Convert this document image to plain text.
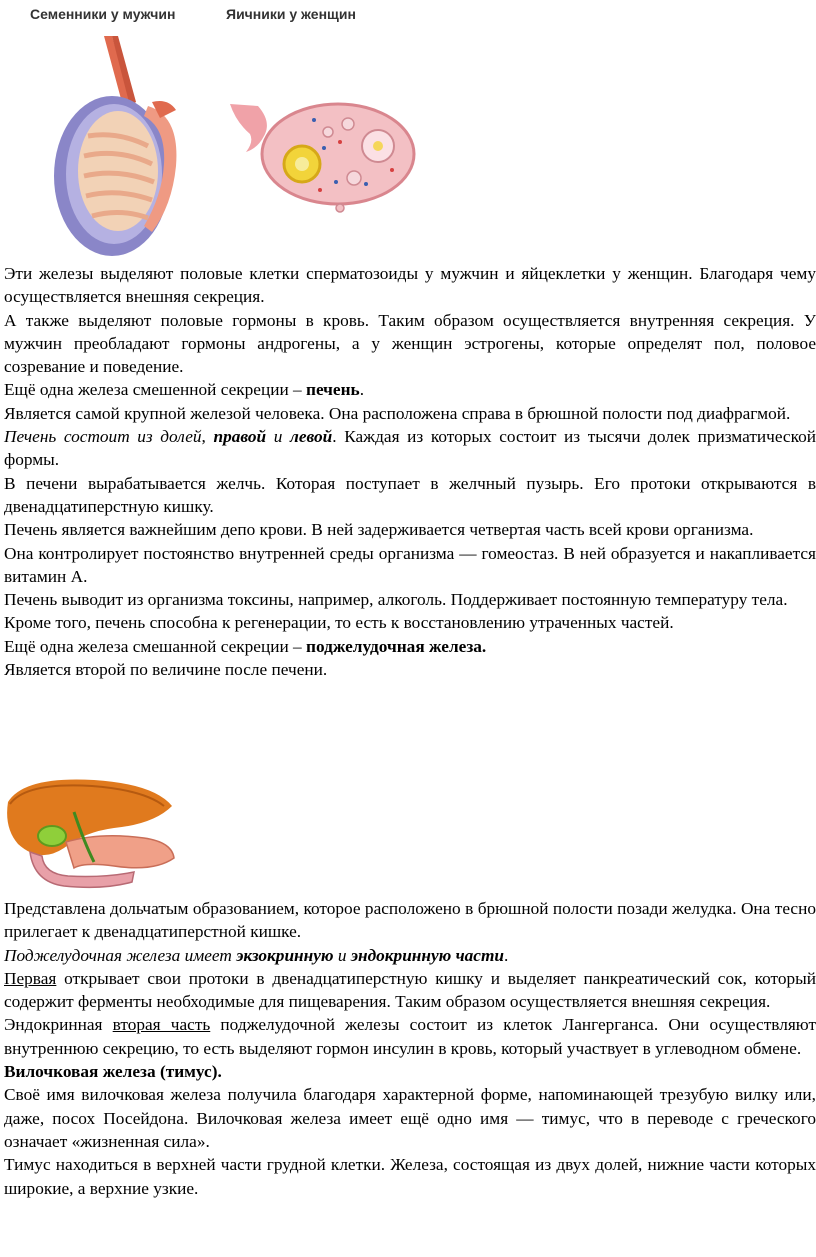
Семенники у мужчин	Яичники у женщин

Эти железы выделяют половые клетки сперматозоиды у мужчин и яйцеклетки у женщин. Благодаря чему осуществляется внешняя секреция.

А также выделяют половые гормоны в кровь. Таким образом осуществляется внутренняя секреция. У мужчин преобладают гормоны андрогены, а у женщин эстрогены, которые определят пол, половое созревание и поведение.

Ещё одна железа смешенной секреции – печень.

Является самой крупной железой человека. Она расположена справа в брюшной полости под диафрагмой.

Печень состоит из долей, правой и левой. Каждая из которых состоит из тысячи долек призматической формы.

В печени вырабатывается желчь. Которая поступает в желчный пузырь. Его протоки открываются в двенадцатиперстную кишку.

Печень является важнейшим депо крови. В ней задерживается четвертая часть всей крови организма.

Она контролирует постоянство внутренней среды организма — гомеостаз. В ней образуется и накапливается витамин А.

Печень выводит из организма токсины, например, алкоголь. Поддерживает постоянную температуру тела.

Кроме того, печень способна к регенерации, то есть к восстановлению утраченных частей.

Ещё одна железа смешанной секреции – поджелудочная железа.

Является второй по величине после печени.

Представлена дольчатым образованием, которое расположено в брюшной полости позади желудка. Она тесно прилегает к двенадцатиперстной кишке.

Поджелудочная железа имеет экзокринную и эндокринную части.

Первая открывает свои протоки в двенадцатиперстную кишку и выделяет панкреатический сок, который содержит ферменты необходимые для пищеварения. Таким образом осуществляется внешняя секреция.

Эндокринная вторая часть поджелудочной железы состоит из клеток Лангерганса. Они осуществляют внутреннюю секрецию, то есть выделяют гормон инсулин в кровь, который участвует в углеводном обмене.

Вилочковая железа (тимус).

Своё имя вилочковая железа получила благодаря характерной форме, напоминающей трезубую вилку или, даже, посох Посейдона. Вилочковая железа имеет ещё одно имя — тимус, что в переводе с греческого означает «жизненная сила».

Тимус находиться в верхней части грудной клетки. Железа, состоящая из двух долей, нижние части которых широкие, а верхние узкие.
